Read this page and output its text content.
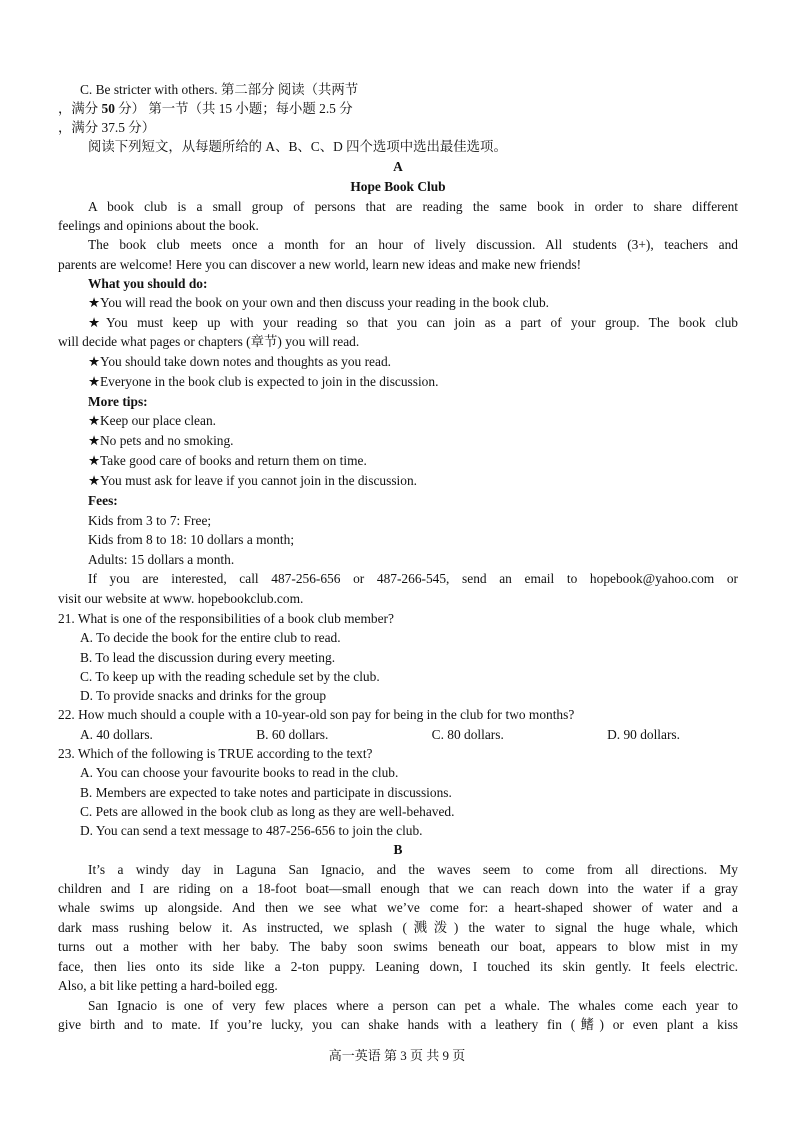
C. Be stricter with others. 第二部分 阅读（共两节
，满分 50 分） 第一节（共 15 小题；每小题 2.5 分
，满分 37.5 分）
阅读下列短文，从每题所给的 A、B、C、D 四个选项中选出最佳选项。
A
Hope Book Club
A book club is a small group of persons that are reading the same book in order to share different
feelings and opinions about the book.
The book club meets once a month for an hour of lively discussion. All students (3+), teachers and
parents are welcome! Here you can discover a new world, learn new ideas and make new friends!
What you should do:
★You will read the book on your own and then discuss your reading in the book club.
★You must keep up with your reading so that you can join as a part of your group. The book club
will decide what pages or chapters (章节) you will read.
★You should take down notes and thoughts as you read.
★Everyone in the book club is expected to join in the discussion.
More tips:
★Keep our place clean.
★No pets and no smoking.
★Take good care of books and return them on time.
★You must ask for leave if you cannot join in the discussion.
Fees:
Kids from 3 to 7: Free;
Kids from 8 to 18: 10 dollars a month;
Adults: 15 dollars a month.
If you are interested, call 487-256-656 or 487-266-545, send an email to hopebook@yahoo.com or
visit our website at www. hopebookclub.com.
21. What is one of the responsibilities of a book club member?
A. To decide the book for the entire club to read.
B. To lead the discussion during every meeting.
C. To keep up with the reading schedule set by the club.
D. To provide snacks and drinks for the group
22. How much should a couple with a 10-year-old son pay for being in the club for two months?
A. 40 dollars.	B. 60 dollars.	C. 80 dollars.	D. 90 dollars.
23. Which of the following is TRUE according to the text?
A. You can choose your favourite books to read in the club.
B. Members are expected to take notes and participate in discussions.
C. Pets are allowed in the book club as long as they are well-behaved.
D. You can send a text message to 487-256-656 to join the club.
B
It’s a windy day in Laguna San Ignacio, and the waves seem to come from all directions. My
children and I are riding on a 18-foot boat—small enough that we can reach down into the water if a gray
whale swims up alongside. And then we see what we’ve come for: a heart-shaped shower of water and a
dark mass rushing below it. As instructed, we splash (溅泼) the water to signal the huge whale, which
turns out a mother with her baby. The baby soon swims beneath our boat, appears to blow mist in my
face, then lies onto its side like a 2-ton puppy. Leaning down, I touched its skin gently. It feels electric.
Also, a bit like petting a hard-boiled egg.
San Ignacio is one of very few places where a person can pet a whale. The whales come each year to
give birth and to mate. If you’re lucky, you can shake hands with a leathery fin (鳍) or even plant a kiss
高一英语 第 3 页 共 9 页
